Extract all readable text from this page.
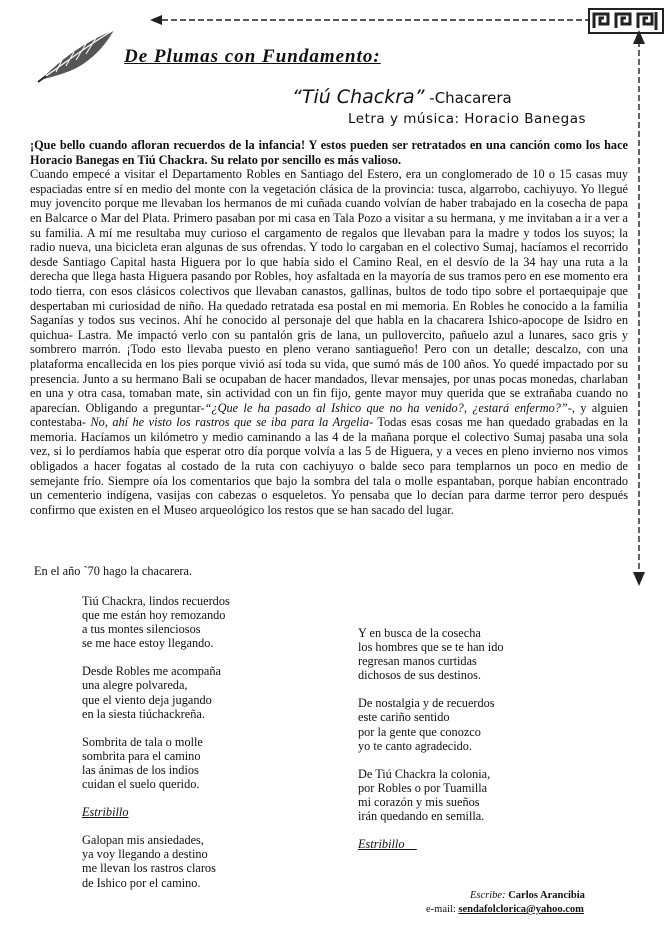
De Plumas con Fundamento:
“Tiú Chackra” -Chacarera
Letra y música: Horacio Banegas

¡Que bello cuando afloran recuerdos de la infancia! Y estos pueden ser retratados en una canción como los hace Horacio Banegas en Tiú Chackra. Su relato por sencillo es más valioso.

Cuando empecé a visitar el Departamento Robles en Santiago del Estero, era un conglomerado de 10 o 15 casas muy espaciadas entre sí en medio del monte con la vegetación clásica de la provincia: tusca, algarrobo, cachiyuyo. Yo llegué muy jovencito porque me llevaban los hermanos de mi cuñada cuando volvían de haber trabajado en la cosecha de papa en Balcarce o Mar del Plata. Primero pasaban por mi casa en Tala Pozo a visitar a su hermana, y me invitaban a ir a ver a su familia. A mí me resultaba muy curioso el cargamento de regalos que llevaban para la madre y todos los suyos; la radio nueva, una bicicleta eran algunas de sus ofrendas. Y todo lo cargaban en el colectivo Sumaj, hacíamos el recorrido desde Santiago Capital hasta Higuera por lo que había sido el Camino Real, en el desvío de la 34 hay una ruta a la derecha que llega hasta Higuera pasando por Robles, hoy asfaltada en la mayoría de sus tramos pero en ese momento era todo tierra, con esos clásicos colectivos que llevaban canastos, gallinas, bultos de todo tipo sobre el portaequipaje que despertaban mi curiosidad de niño. Ha quedado retratada esa postal en mi memoria. En Robles he conocido a la familia Saganías y todos sus vecinos. Ahí he conocido al personaje del que habla en la chacarera Ishico-apocope de Isidro en quichua- Lastra. Me impactó verlo con su pantalón gris de lana, un pullovercito, pañuelo azul a lunares, saco gris y sombrero marrón. ¡Todo esto llevaba puesto en pleno verano santiagueño! Pero con un detalle; descalzo, con una plataforma encallecida en los pies porque vivió así toda su vida, que sumó más de 100 años. Yo quedé impactado por su presencia. Junto a su hermano Bali se ocupaban de hacer mandados, llevar mensajes, por unas pocas monedas, charlaban en una y otra casa, tomaban mate, sin actividad con un fin fijo, gente mayor muy querida que se extrañaba cuando no aparecían. Obligando a preguntar-“¿Que le ha pasado al Ishico que no ha venido?, ¿estará enfermo?”-, y alguien contestaba- No, ahí he visto los rastros que se iba para la Argelia- Todas esas cosas me han quedado grabadas en la memoria. Hacíamos un kilómetro y medio caminando a las 4 de la mañana porque el colectivo Sumaj pasaba una sola vez, si lo perdíamos había que esperar otro día porque volvía a las 5 de Higuera, y a veces en pleno invierno nos vimos obligados a hacer fogatas al costado de la ruta con cachiyuyo o balde seco para templarnos un poco en medio de semejante frío. Siempre oía los comentarios que bajo la sombra del tala o molle espantaban, porque habían encontrado un cementerio indígena, vasijas con cabezas o esqueletos. Yo pensaba que lo decían para darme terror pero después confirmo que existen en el Museo arqueológico los restos que se han sacado del lugar.

En el año `70 hago la chacarera.
Tiú Chackra, lindos recuerdos
que me están hoy remozando
a tus montes silenciosos
se me hace estoy llegando.
Desde Robles me acompaña
una alegre polvareda,
que el viento deja jugando
en la siesta tiúchackreña.
Sombrita de tala o molle
sombrita para el camino
las ánimas de los indios
cuidan el suelo querido.
Estribillo
Galopan mis ansiedades,
ya voy llegando a destino
me llevan los rastros claros
de Ishico por el camino.
Y en busca de la cosecha
los hombres que se te han ido
regresan manos curtidas
dichosos de sus destinos.
De nostalgia y de recuerdos
este cariño sentido
por la gente que conozco
yo te canto agradecido.
De Tiú Chackra la colonia,
por Robles o por Tuamilla
mi corazón y mis sueños
irán quedando en semilla.
Estribillo
Escribe: Carlos Arancibia
e-mail: sendafolclorica@yahoo.com
